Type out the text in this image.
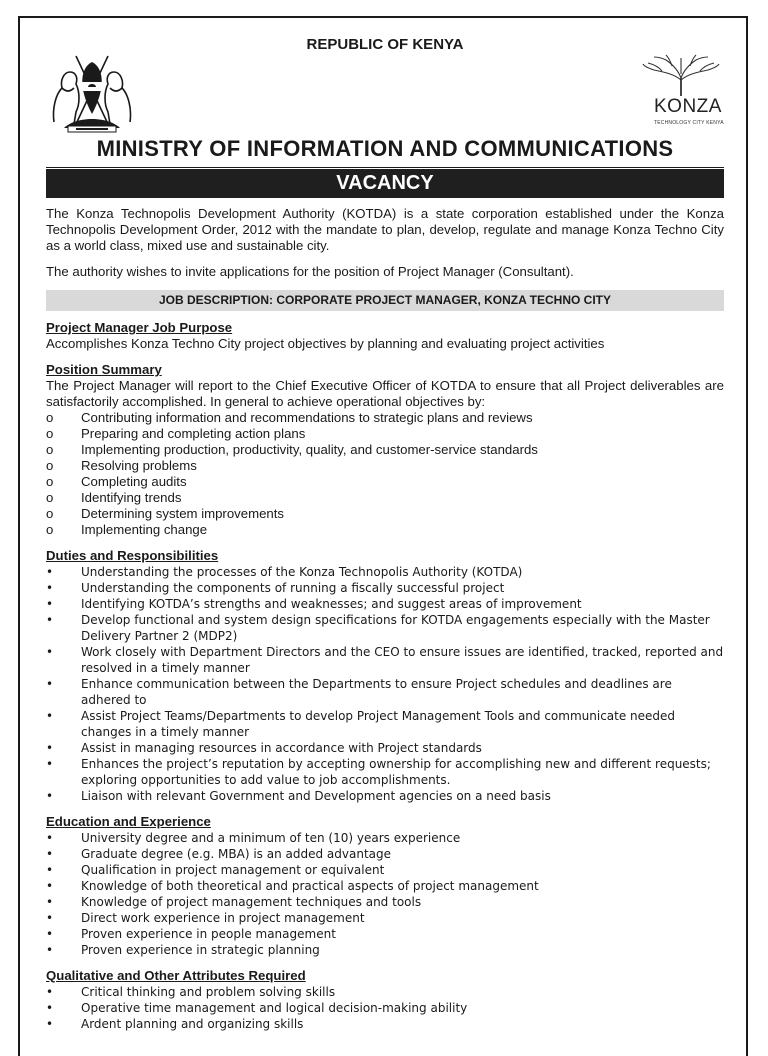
REPUBLIC OF KENYA
KONZA
TECHNOLOGY CITY KENYA
MINISTRY OF INFORMATION AND COMMUNICATIONS
VACANCY

The Konza Technopolis Development Authority (KOTDA) is a state corporation established under the Konza Technopolis Development Order, 2012 with the mandate to plan, develop, regulate and manage Konza Techno City as a world class, mixed use and sustainable city.

The authority wishes to invite applications for the position of Project Manager (Consultant).

JOB DESCRIPTION: CORPORATE PROJECT MANAGER, KONZA TECHNO CITY

Project Manager Job Purpose

Accomplishes Konza Techno City project objectives by planning and evaluating project activities

Position Summary

The Project Manager will report to the Chief Executive Officer of KOTDA to ensure that all Project deliverables are satisfactorily accomplished. In general to achieve operational objectives by:

o Contributing information and recommendations to strategic plans and reviews
o Preparing and completing action plans
o Implementing production, productivity, quality, and customer-service standards
o Resolving problems
o Completing audits
o Identifying trends
o Determining system improvements
o Implementing change

Duties and Responsibilities

• Understanding the processes of the Konza Technopolis Authority (KOTDA)
• Understanding the components of running a fiscally successful project
• Identifying KOTDA’s strengths and weaknesses; and suggest areas of improvement
• Develop functional and system design specifications for KOTDA engagements especially with the Master Delivery Partner 2 (MDP2)
• Work closely with Department Directors and the CEO to ensure issues are identified, tracked, reported and resolved in a timely manner
• Enhance communication between the Departments to ensure Project schedules and deadlines are adhered to
• Assist Project Teams/Departments to develop Project Management Tools and communicate needed changes in a timely manner
• Assist in managing resources in accordance with Project standards
• Enhances the project’s reputation by accepting ownership for accomplishing new and different requests; exploring opportunities to add value to job accomplishments.
• Liaison with relevant Government and Development agencies on a need basis

Education and Experience

• University degree and a minimum of ten (10) years experience
• Graduate degree (e.g. MBA) is an added advantage
• Qualification in project management or equivalent
• Knowledge of both theoretical and practical aspects of project management
• Knowledge of project management techniques and tools
• Direct work experience in project management
• Proven experience in people management
• Proven experience in strategic planning

Qualitative and Other Attributes Required

• Critical thinking and problem solving skills
• Operative time management and logical decision-making ability
• Ardent planning and organizing skills
